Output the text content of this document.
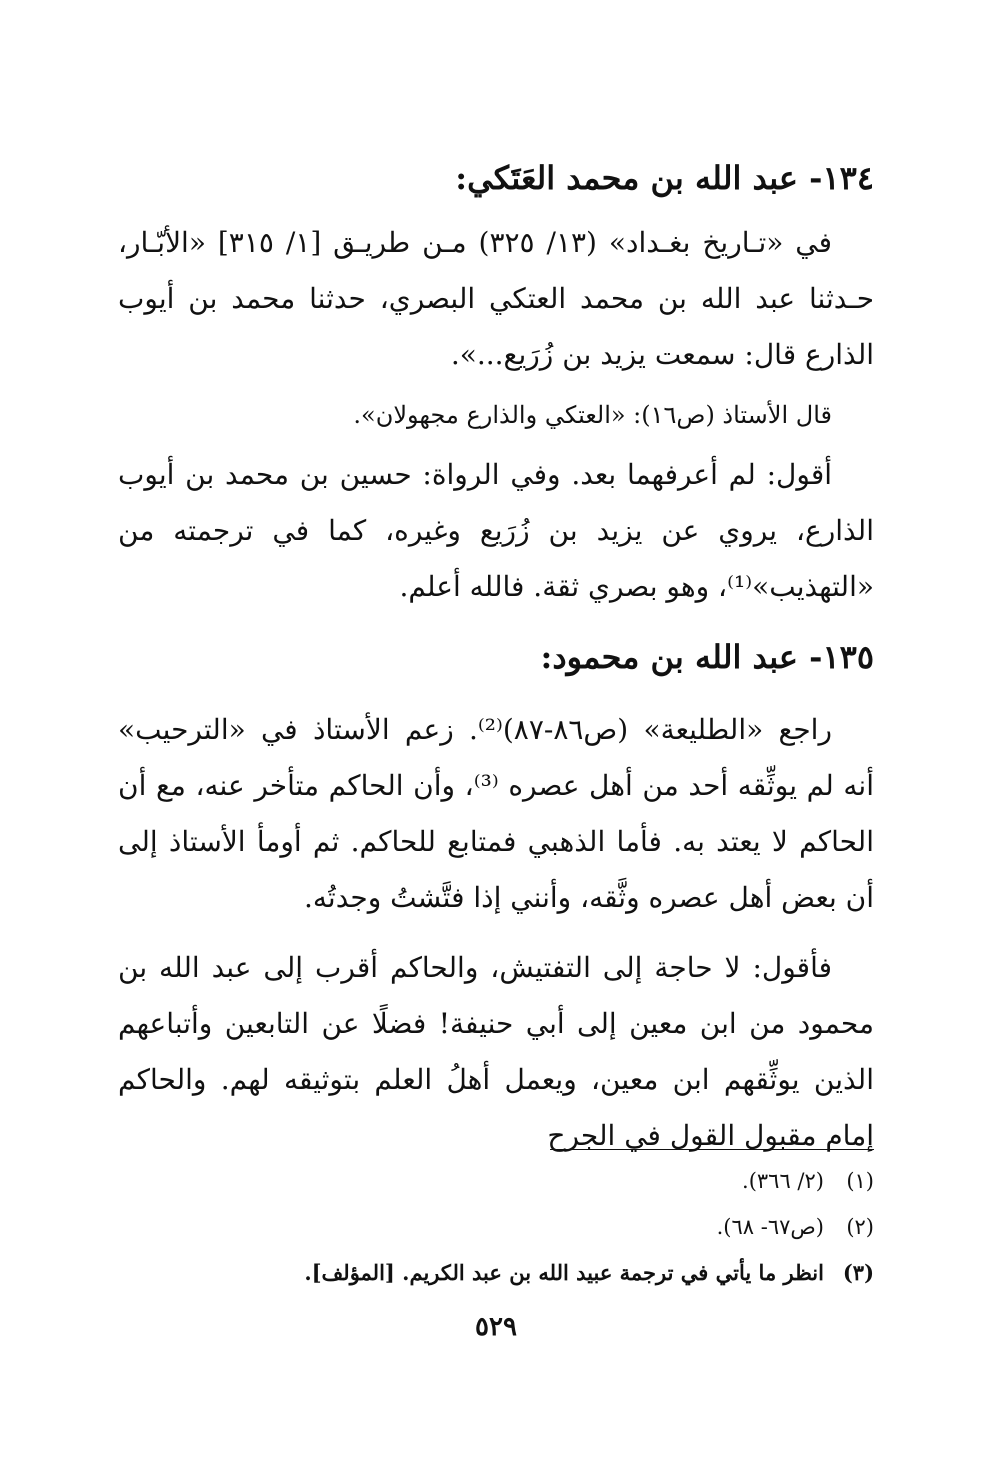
١٣٤- عبد الله بن محمد العَتَكي:

في «تـاريخ بغـداد» (١٣/ ٣٢٥) مـن طريـق [١/ ٣١٥] «الأبّـار، حـدثنا عبد الله بن محمد العتكي البصري، حدثنا محمد بن أيوب الذارع قال: سمعت يزيد بن زُرَيع...».

قال الأستاذ (ص١٦): «العتكي والذارع مجهولان».

أقول: لم أعرفهما بعد. وفي الرواة: حسين بن محمد بن أيوب الذارع، يروي عن يزيد بن زُرَيع وغيره، كما في ترجمته من «التهذيب»⁽¹⁾، وهو بصري ثقة. فالله أعلم.

١٣٥- عبد الله بن محمود:

راجع «الطليعة» (ص٨٦-٨٧)⁽²⁾. زعم الأستاذ في «الترحيب» أنه لم يوثِّقه أحد من أهل عصره ⁽³⁾، وأن الحاكم متأخر عنه، مع أن الحاكم لا يعتد به. فأما الذهبي فمتابع للحاكم. ثم أومأ الأستاذ إلى أن بعض أهل عصره وثَّقه، وأنني إذا فتَّشتُ وجدتُه.

فأقول: لا حاجة إلى التفتيش، والحاكم أقرب إلى عبد الله بن محمود من ابن معين إلى أبي حنيفة! فضلًا عن التابعين وأتباعهم الذين يوثِّقهم ابن معين، ويعمل أهلُ العلم بتوثيقه لهم. والحاكم إمام مقبول القول في الجرح

(١)
(٢/ ٣٦٦).
(٢)
(ص٦٧- ٦٨).
(٣)
انظر ما يأتي في ترجمة عبيد الله بن عبد الكريم. [المؤلف].
٥٢٩
